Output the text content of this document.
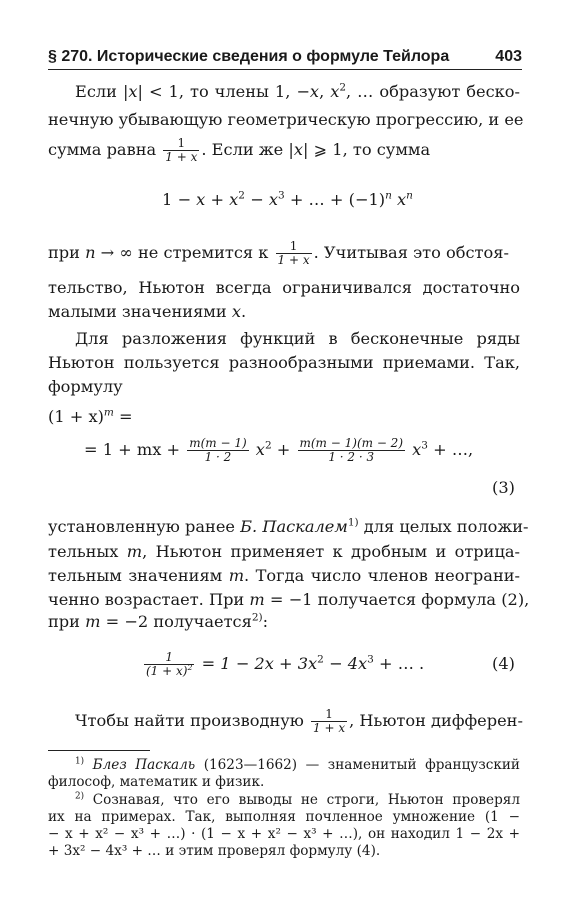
§ 270. Исторические сведения о формуле Тейлора	403
Если |x| < 1, то члены 1, −x, $x^2$, … образуют беско-
нечную убывающую геометрическую прогрессию, и ее
сумма равна $\frac{1}{1 + x}$ . Если же |x| ⩾ 1, то сумма
$1 - x + x^2 - x^3$ + … + $(-1)^n$ $x^n$
при n → ∞ не стремится к $\frac{1}{1 + x}$ . Учитывая это обстоя-
тельство, Ньютон всегда ограничивался достаточно
малыми значениями x.
Для разложения функций в бесконечные ряды
Ньютон пользуется разнообразными приемами. Так,
формулу
$(1 + x)^m$ =
= 1 + mx + $\frac{m(m - 1)}{1 \cdot 2} x^2 + \frac{m(m - 1)(m - 2)}{1 \cdot 2 \cdot 3} x^3$ + …,
(3)
установленную ранее Б. Паскалем$^{1)}$ для целых положи-
тельных m, Ньютон применяет к дробным и отрица-
тельным значениям m. Тогда число членов неограни-
ченно возрастает. При m = −1 получается формула (2),
при m = −2 получается$^{2)}$:
$\frac{1}{(1 + x)^2} = 1 - 2x + 3x^2 - 4x^3$ + … .	(4)
Чтобы найти производную $\frac{1}{1 + x}$ , Ньютон дифферен-
$^{1)}$ Блез Паскаль (1623—1662) — знаменитый французский
философ, математик и физик.
$^{2)}$ Сознавая, что его выводы не строги, Ньютон проверял
их на примерах. Так, выполняя почленное умножение (1 −
− x + x² − x³ + …) · (1 − x + x² − x³ + …), он находил 1 − 2x +
+ 3x² − 4x³ + … и этим проверял формулу (4).
